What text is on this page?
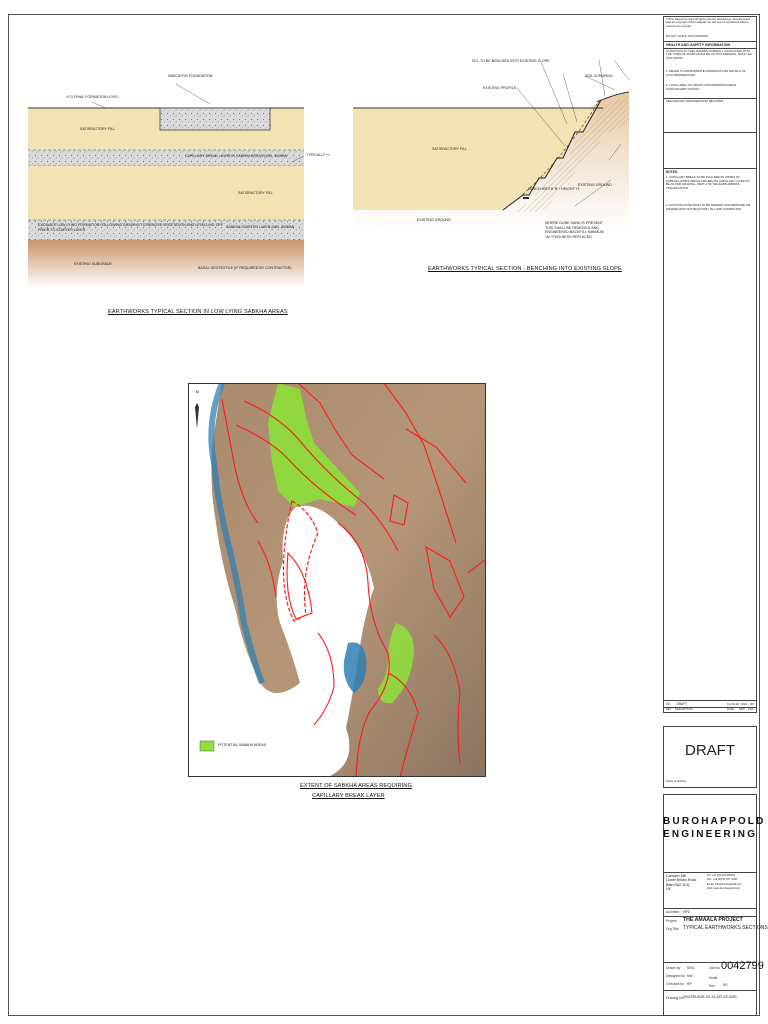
INDICATIVE FOUNDATION
+2.0 FINAL FORMATION LEVEL
SATISFACTORY FILL
CAPILLARY BREAK LAYER IN SABKHA AREAS (MIN. 300MM)	TYPICALLY +/-
SATISFACTORY FILL
EXCAVATE LOW LYING FORMATION FOLLOWING GRADING TO REMOVE VEGETATION AND LEVELLING OFF PRIOR TO STARTER LAYER
SABKHA STARTER LAYER (MIN. 300MM)
EXISTING SUBGRADE
BASAL GEOTEXTILE (IF REQUIRED BY CONTRACTOR)
EARTHWORKS TYPICAL SECTION IN LOW LYING SABKHA AREAS
FILL TO BE BENCHED INTO EXISTING SLOPE
EXISTING PROFILE
SOIL SCRAPING
SATISFACTORY FILL
BENCH WIDTH 'B' / HEIGHT 'H'
EXISTING GROUND
EXISTING GROUND
WHERE DUNE SAND IS PRESENT THIS SHALL BE REMOVED AND ENGINEERED BACKFILL MINIMUM 1M THICKNESS REPLACED.
EARTHWORKS TYPICAL SECTION - BENCHING INTO EXISTING SLOPE
N
POTENTIAL SABKHA AREAS
EXTENT OF SABKHA AREAS REQUIRING
CAPILLARY BREAK LAYER
© Buro Happold Limited. All rights reserved. All drawings, documents and data are copyright of Buro Happold. No part may be reproduced without consent. Do not scale.
DO NOT SCALE THIS DRAWING
HEALTH AND SAFETY INFORMATION
IN ADDITION TO THE HAZARDS NORMALLY ASSOCIATED WITH THE TYPES OF WORK DETAILED ON THIS DRAWING, NOTE THE FOLLOWING:
1. REFER TO APPROPRIATE DRAWINGS FOR DETAILS OF UTILITIES/SERVICES.
2. LOCAL AREA OF CROSS CONTAMINATION NEAR COASTGUARD STATION.
SEE SPECIFIC DESIGNER RISK REGISTER
NOTES:
1. CAPILLARY BREAK TO BE INCLUDED IN ZONES OF SABKHA LAYERS ABOVE AND BELOW CAPILLARY LAYER TO BE AS PER GRADING. PART 2 OF THE EARTHWORKS SPECIFICATION.
2. EXISTING DUNE SAND TO BE GRADED AND REMOVED OR GRADED WITH SATISFACTORY FILL AND COMPACTED.
00 DRAFT	10.06.19 SNG RP
REV DESCRIPTION	DATE DRN CHK
DRAFT
Status of drawing
BUROHAPPOLD
ENGINEERING
Camden Mill
Lower Bristol Road
Bath BA2 3DQ
UK
Tel: +44 (0)1225 320600
Fax: +44 (0)870 787 4148
Email: info@burohappold.com
Web: www.burohappold.com
Architect HFZ
Project THE AMAALA PROJECT
Drg Title TYPICAL EARTHWORKS SECTIONS
Drawn by SNG
Designed by NW
Checked by RP
Job No 0042799
Scale
Rev 00
Drawing No 0042799-BUR-XX-XX-DR-GE-0000
